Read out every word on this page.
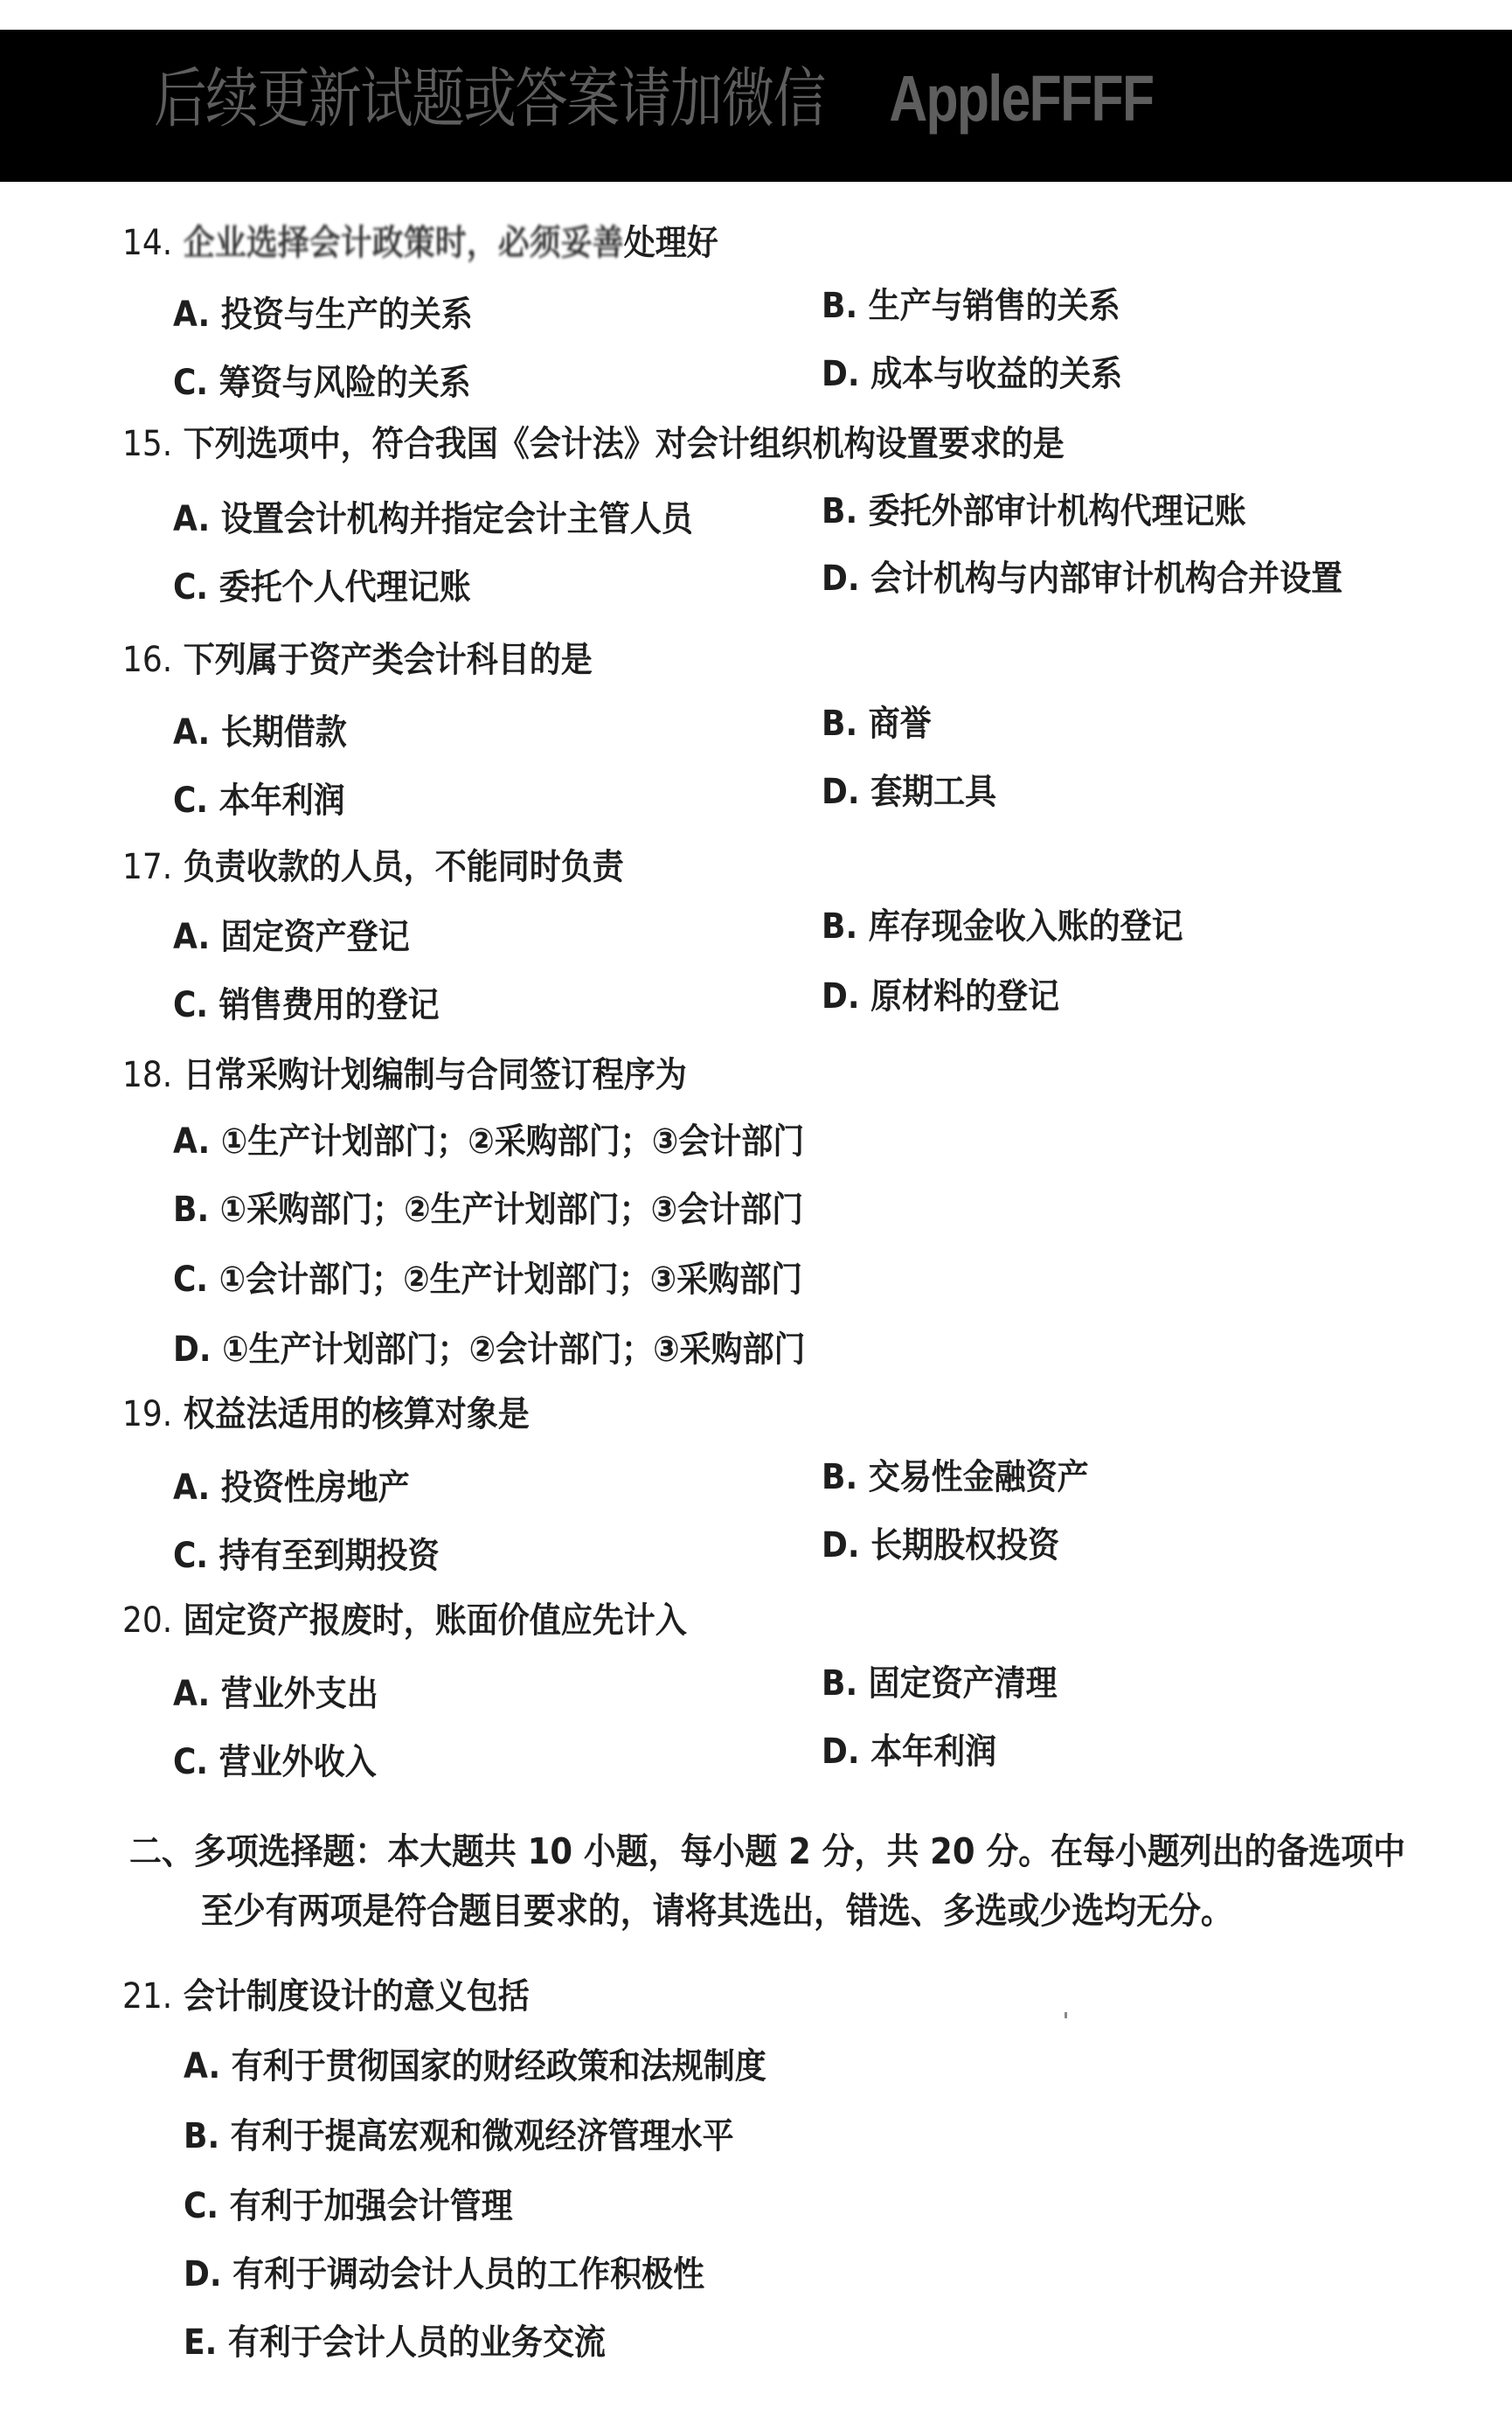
后续更新试题或答案请加微信 AppleFFFF
14. 企业选择会计政策时，必须妥善处理好
A. 投资与生产的关系	B. 生产与销售的关系
C. 筹资与风险的关系	D. 成本与收益的关系
15. 下列选项中，符合我国《会计法》对会计组织机构设置要求的是
A. 设置会计机构并指定会计主管人员	B. 委托外部审计机构代理记账
C. 委托个人代理记账	D. 会计机构与内部审计机构合并设置
16. 下列属于资产类会计科目的是
A. 长期借款	B. 商誉
C. 本年利润	D. 套期工具
17. 负责收款的人员，不能同时负责
A. 固定资产登记	B. 库存现金收入账的登记
C. 销售费用的登记	D. 原材料的登记
18. 日常采购计划编制与合同签订程序为
A. ①生产计划部门；②采购部门；③会计部门
B. ①采购部门；②生产计划部门；③会计部门
C. ①会计部门；②生产计划部门；③采购部门
D. ①生产计划部门；②会计部门；③采购部门
19. 权益法适用的核算对象是
A. 投资性房地产	B. 交易性金融资产
C. 持有至到期投资	D. 长期股权投资
20. 固定资产报废时，账面价值应先计入
A. 营业外支出	B. 固定资产清理
C. 营业外收入	D. 本年利润
二、多项选择题：本大题共 10 小题，每小题 2 分，共 20 分。在每小题列出的备选项中
至少有两项是符合题目要求的，请将其选出，错选、多选或少选均无分。
21. 会计制度设计的意义包括
A. 有利于贯彻国家的财经政策和法规制度
B. 有利于提高宏观和微观经济管理水平
C. 有利于加强会计管理
D. 有利于调动会计人员的工作积极性
E. 有利于会计人员的业务交流
